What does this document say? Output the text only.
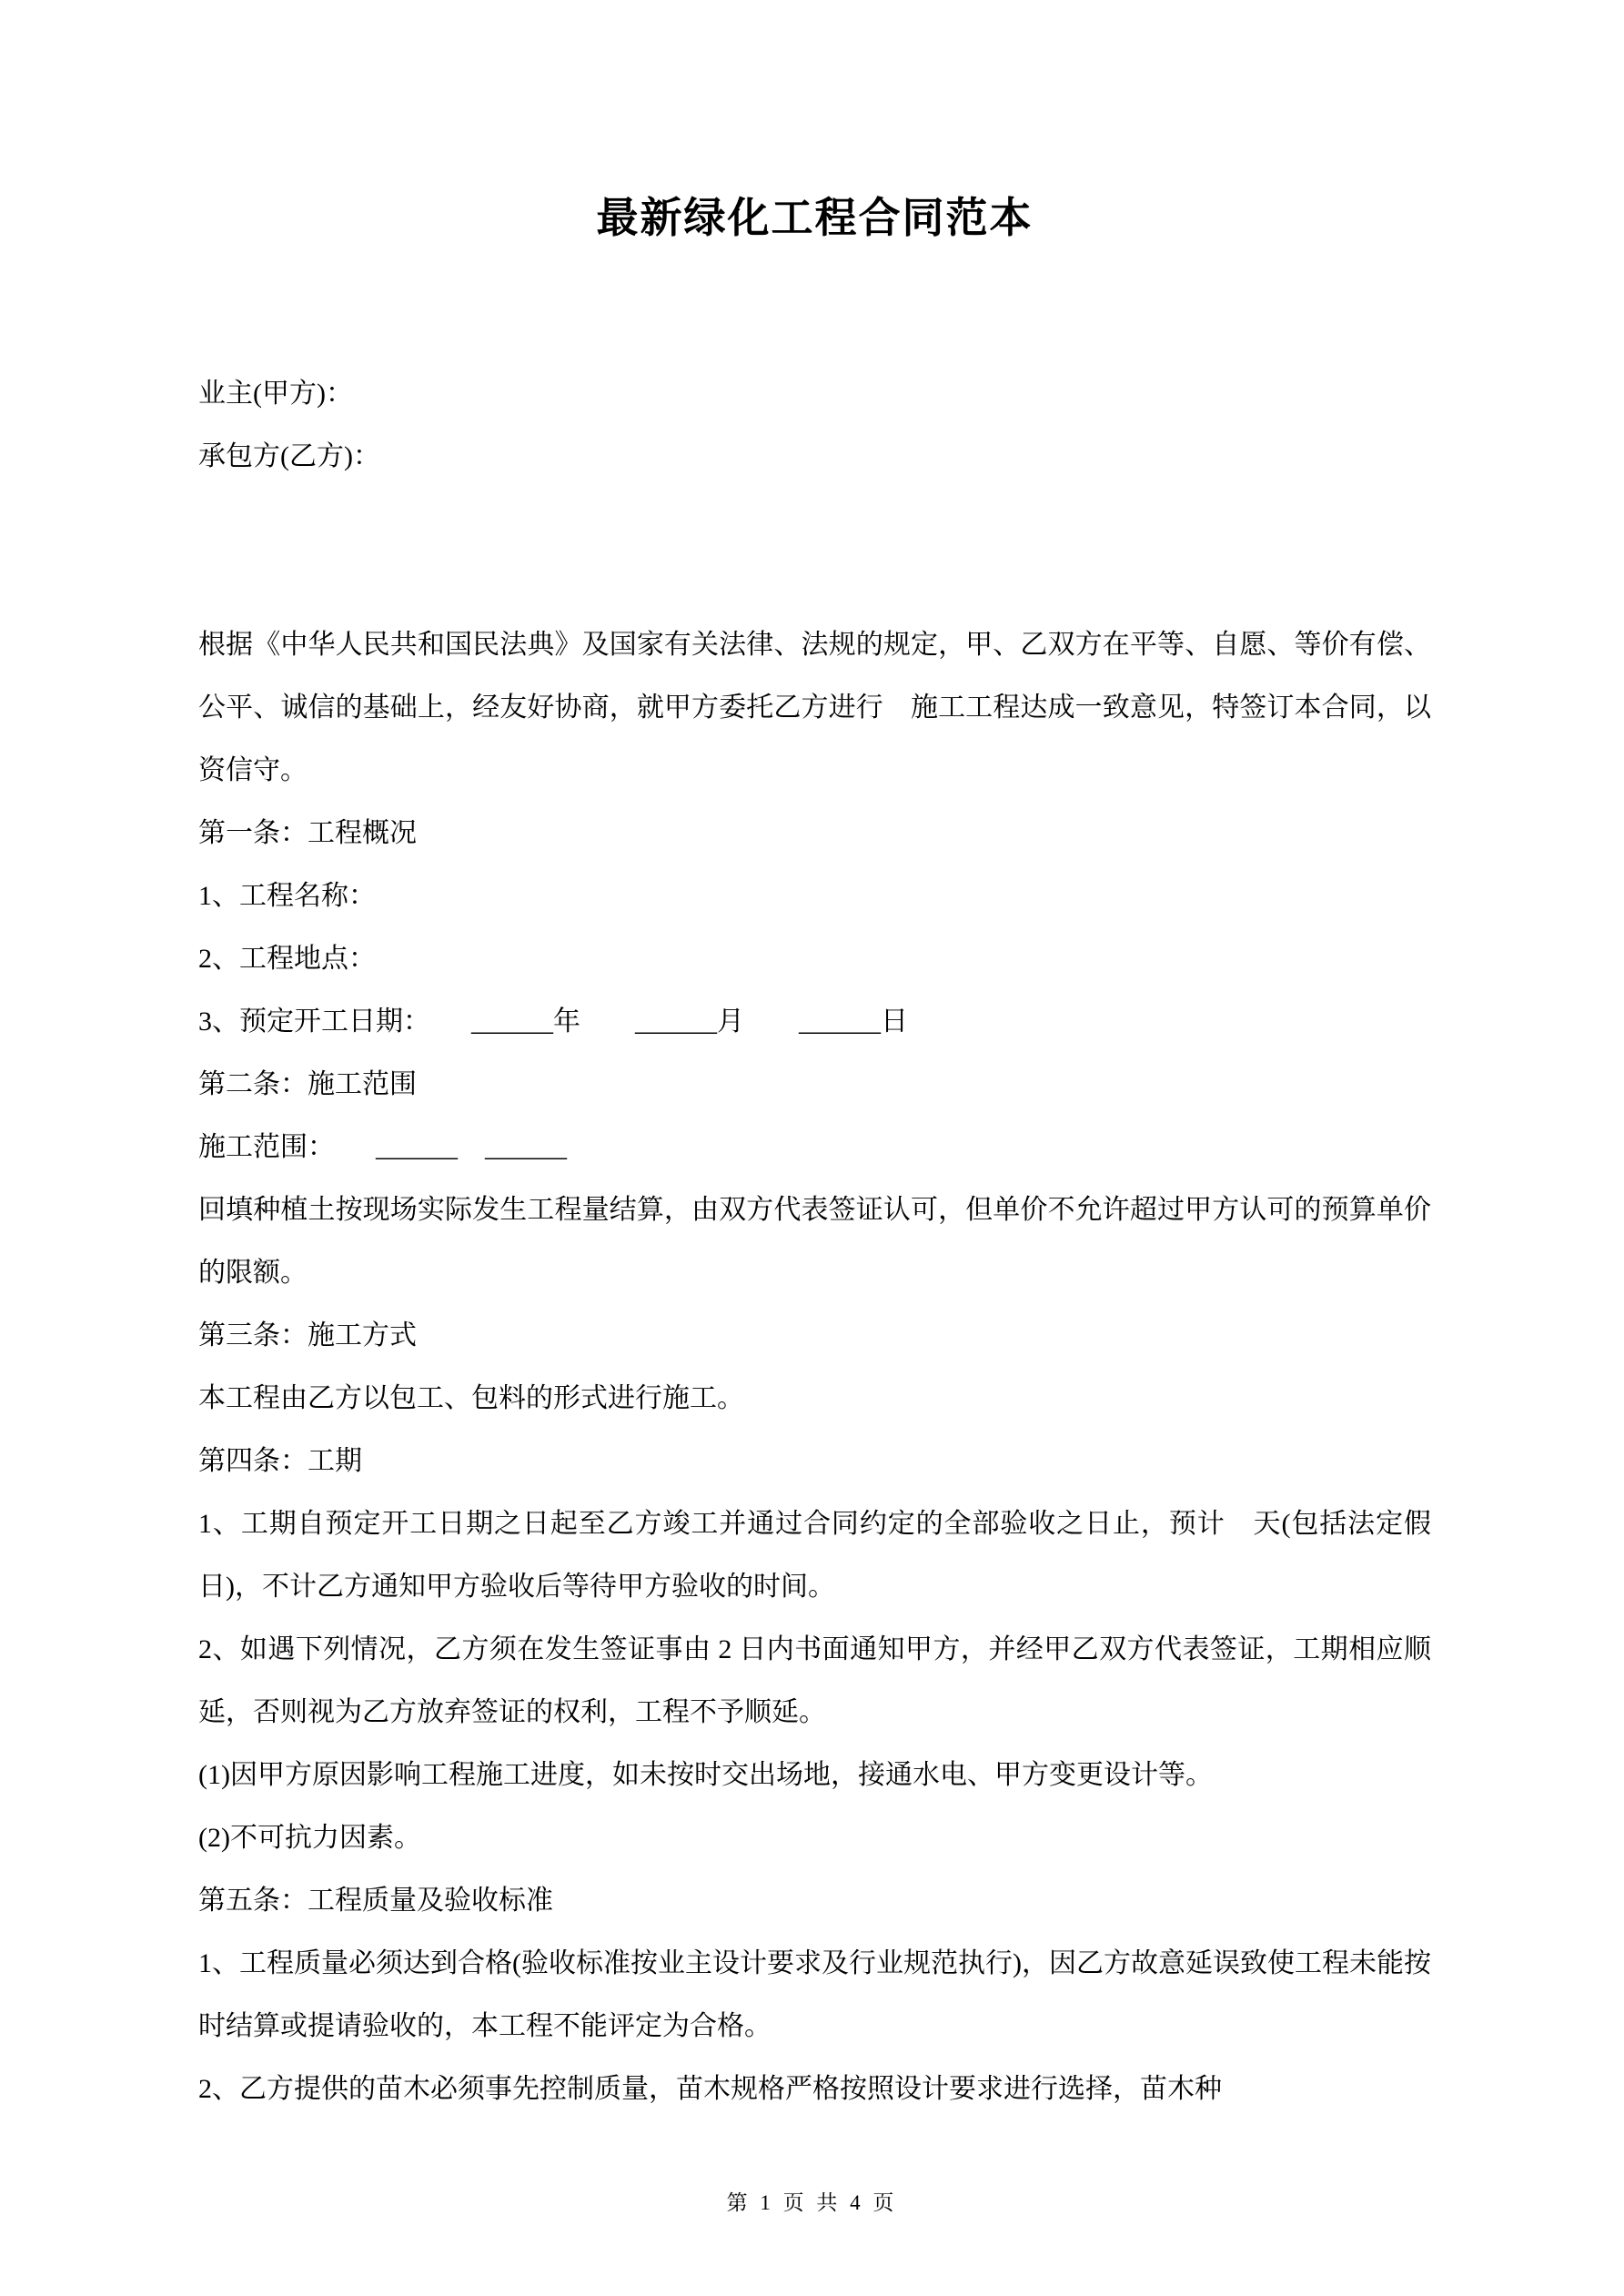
最新绿化工程合同范本

业主(甲方)：

承包方(乙方)：

根据《中华人民共和国民法典》及国家有关法律、法规的规定，甲、乙双方在平等、自愿、等价有偿、公平、诚信的基础上，经友好协商，就甲方委托乙方进行　施工工程达成一致意见，特签订本合同，以资信守。

第一条：工程概况

1、工程名称：

2、工程地点：

3、预定开工日期：　　______年　　______月　　______日

第二条：施工范围

施工范围：　　______　______

回填种植土按现场实际发生工程量结算，由双方代表签证认可，但单价不允许超过甲方认可的预算单价的限额。

第三条：施工方式

本工程由乙方以包工、包料的形式进行施工。

第四条：工期

1、工期自预定开工日期之日起至乙方竣工并通过合同约定的全部验收之日止，预计　天(包括法定假日)，不计乙方通知甲方验收后等待甲方验收的时间。

2、如遇下列情况，乙方须在发生签证事由 2 日内书面通知甲方，并经甲乙双方代表签证，工期相应顺延，否则视为乙方放弃签证的权利，工程不予顺延。

(1)因甲方原因影响工程施工进度，如未按时交出场地，接通水电、甲方变更设计等。

(2)不可抗力因素。

第五条：工程质量及验收标准

1、工程质量必须达到合格(验收标准按业主设计要求及行业规范执行)，因乙方故意延误致使工程未能按时结算或提请验收的，本工程不能评定为合格。

2、乙方提供的苗木必须事先控制质量，苗木规格严格按照设计要求进行选择，苗木种

第 1 页 共 4 页
